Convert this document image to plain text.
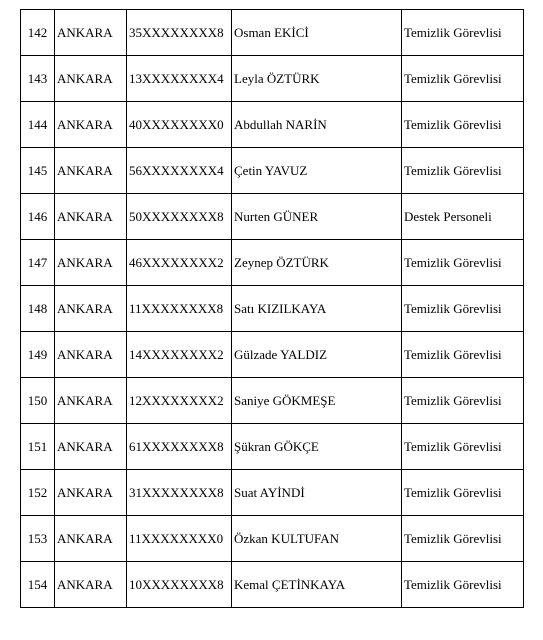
142	ANKARA	35XXXXXXXX8	Osman EKİCİ	Temizlik Görevlisi
143	ANKARA	13XXXXXXXX4	Leyla ÖZTÜRK	Temizlik Görevlisi
144	ANKARA	40XXXXXXXX0	Abdullah NARİN	Temizlik Görevlisi
145	ANKARA	56XXXXXXXX4	Çetin YAVUZ	Temizlik Görevlisi
146	ANKARA	50XXXXXXXX8	Nurten GÜNER	Destek Personeli
147	ANKARA	46XXXXXXXX2	Zeynep ÖZTÜRK	Temizlik Görevlisi
148	ANKARA	11XXXXXXXX8	Satı KIZILKAYA	Temizlik Görevlisi
149	ANKARA	14XXXXXXXX2	Gülzade YALDIZ	Temizlik Görevlisi
150	ANKARA	12XXXXXXXX2	Saniye GÖKMEŞE	Temizlik Görevlisi
151	ANKARA	61XXXXXXXX8	Şükran GÖKÇE	Temizlik Görevlisi
152	ANKARA	31XXXXXXXX8	Suat AYİNDİ	Temizlik Görevlisi
153	ANKARA	11XXXXXXXX0	Özkan KULTUFAN	Temizlik Görevlisi
154	ANKARA	10XXXXXXXX8	Kemal ÇETİNKAYA	Temizlik Görevlisi
